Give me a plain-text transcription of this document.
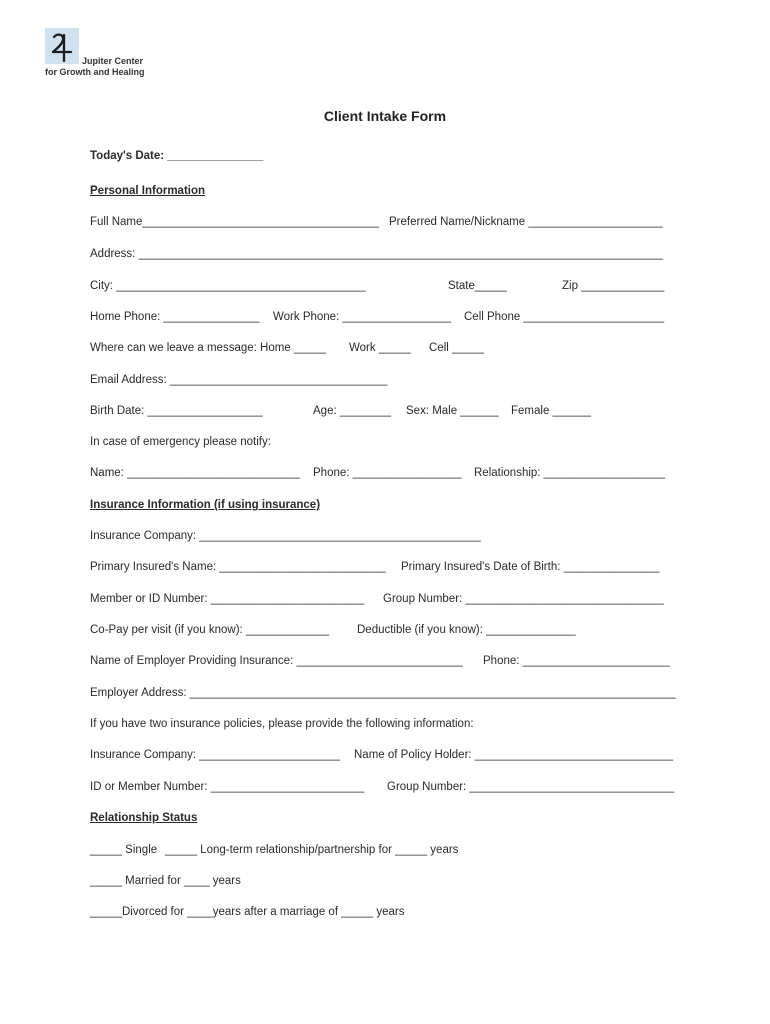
Jupiter Center
for Growth and Healing
Client Intake Form
Today's Date: _______________
Personal Information
Full Name_____________________________________ Preferred Name/Nickname _____________________
Address: __________________________________________________________________________________
City: _______________________________________	State_____	Zip _____________
Home Phone: _______________ Work Phone: _________________ Cell Phone ______________________
Where can we leave a message: Home _____ Work _____ Cell _____
Email Address: __________________________________
Birth Date: __________________	Age: ________ Sex: Male ______ Female ______
In case of emergency please notify:
Name: ___________________________ Phone: _________________ Relationship: ___________________
Insurance Information (if using insurance)
Insurance Company: ____________________________________________
Primary Insured's Name: __________________________ Primary Insured's Date of Birth: _______________
Member or ID Number: ________________________ Group Number: _______________________________
Co-Pay per visit (if you know): _____________ Deductible (if you know): ______________
Name of Employer Providing Insurance: __________________________ Phone: _______________________
Employer Address: ____________________________________________________________________________
If you have two insurance policies, please provide the following information:
Insurance Company: ______________________ Name of Policy Holder: _______________________________
ID or Member Number: ________________________ Group Number: ________________________________
Relationship Status
_____ Single _____ Long-term relationship/partnership for _____ years
_____ Married for ____ years
_____Divorced for ____years after a marriage of _____ years
